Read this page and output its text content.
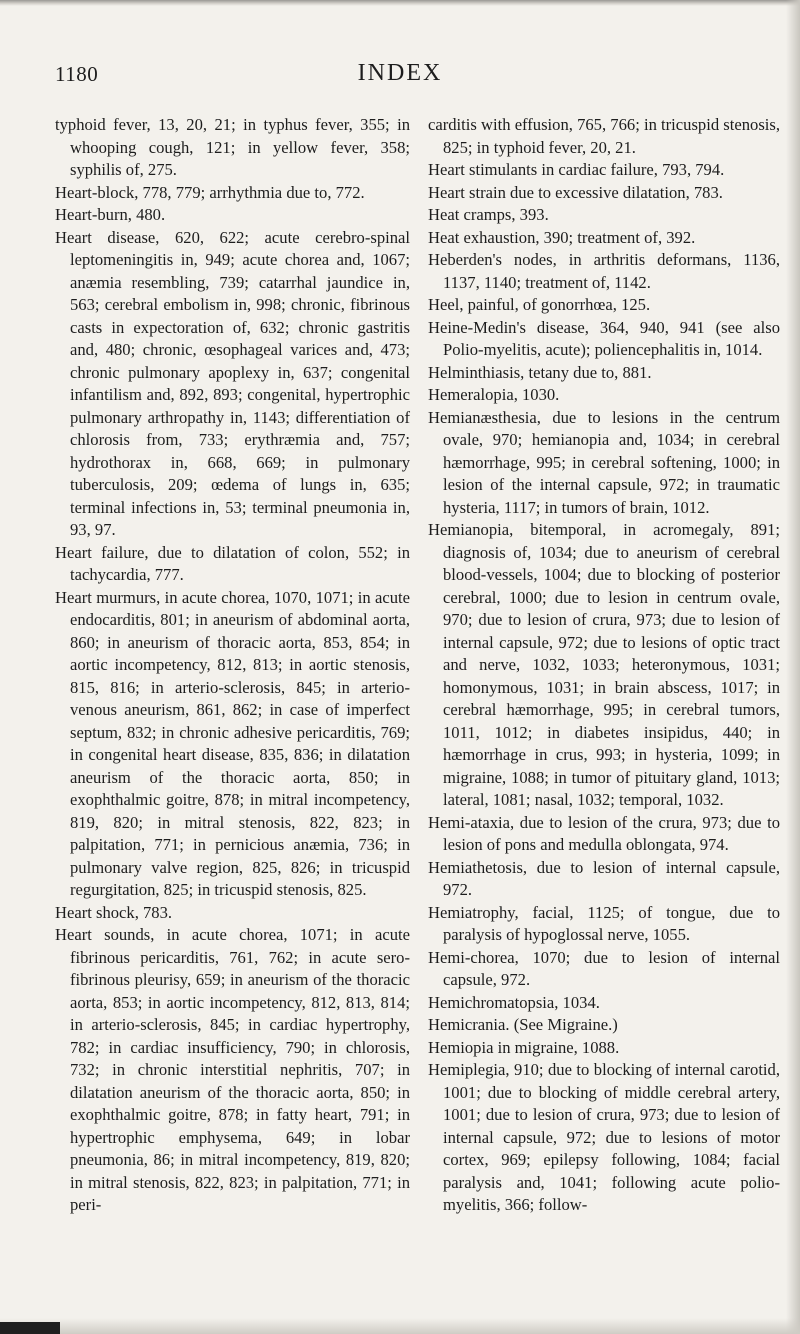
1180	INDEX

typhoid fever, 13, 20, 21; in typhus fever, 355; in whooping cough, 121; in yellow fever, 358; syphilis of, 275.

Heart-block, 778, 779; arrhythmia due to, 772.

Heart-burn, 480.

Heart disease, 620, 622; acute cerebro-spinal leptomeningitis in, 949; acute chorea and, 1067; anæmia resembling, 739; catarrhal jaundice in, 563; cerebral embolism in, 998; chronic, fibrinous casts in expectoration of, 632; chronic gastritis and, 480; chronic, œsophageal varices and, 473; chronic pulmonary apoplexy in, 637; congenital infantilism and, 892, 893; congenital, hypertrophic pulmonary arthropathy in, 1143; differentiation of chlorosis from, 733; erythræmia and, 757; hydrothorax in, 668, 669; in pulmonary tuberculosis, 209; œdema of lungs in, 635; terminal infections in, 53; terminal pneumonia in, 93, 97.

Heart failure, due to dilatation of colon, 552; in tachycardia, 777.

Heart murmurs, in acute chorea, 1070, 1071; in acute endocarditis, 801; in aneurism of abdominal aorta, 860; in aneurism of thoracic aorta, 853, 854; in aortic incompetency, 812, 813; in aortic stenosis, 815, 816; in arterio-sclerosis, 845; in arterio-venous aneurism, 861, 862; in case of imperfect septum, 832; in chronic adhesive pericarditis, 769; in congenital heart disease, 835, 836; in dilatation aneurism of the thoracic aorta, 850; in exophthalmic goitre, 878; in mitral incompetency, 819, 820; in mitral stenosis, 822, 823; in palpitation, 771; in pernicious anæmia, 736; in pulmonary valve region, 825, 826; in tricuspid regurgitation, 825; in tricuspid stenosis, 825.

Heart shock, 783.

Heart sounds, in acute chorea, 1071; in acute fibrinous pericarditis, 761, 762; in acute sero-fibrinous pleurisy, 659; in aneurism of the thoracic aorta, 853; in aortic incompetency, 812, 813, 814; in arterio-sclerosis, 845; in cardiac hypertrophy, 782; in cardiac insufficiency, 790; in chlorosis, 732; in chronic interstitial nephritis, 707; in dilatation aneurism of the thoracic aorta, 850; in exophthalmic goitre, 878; in fatty heart, 791; in hypertrophic emphysema, 649; in lobar pneumonia, 86; in mitral incompetency, 819, 820; in mitral stenosis, 822, 823; in palpitation, 771; in peri-

carditis with effusion, 765, 766; in tricuspid stenosis, 825; in typhoid fever, 20, 21.

Heart stimulants in cardiac failure, 793, 794.

Heart strain due to excessive dilatation, 783.

Heat cramps, 393.

Heat exhaustion, 390; treatment of, 392.

Heberden's nodes, in arthritis deformans, 1136, 1137, 1140; treatment of, 1142.

Heel, painful, of gonorrhœa, 125.

Heine-Medin's disease, 364, 940, 941 (see also Polio-myelitis, acute); poliencephalitis in, 1014.

Helminthiasis, tetany due to, 881.

Hemeralopia, 1030.

Hemianæsthesia, due to lesions in the centrum ovale, 970; hemianopia and, 1034; in cerebral hæmorrhage, 995; in cerebral softening, 1000; in lesion of the internal capsule, 972; in traumatic hysteria, 1117; in tumors of brain, 1012.

Hemianopia, bitemporal, in acromegaly, 891; diagnosis of, 1034; due to aneurism of cerebral blood-vessels, 1004; due to blocking of posterior cerebral, 1000; due to lesion in centrum ovale, 970; due to lesion of crura, 973; due to lesion of internal capsule, 972; due to lesions of optic tract and nerve, 1032, 1033; heteronymous, 1031; homonymous, 1031; in brain abscess, 1017; in cerebral hæmorrhage, 995; in cerebral tumors, 1011, 1012; in diabetes insipidus, 440; in hæmorrhage in crus, 993; in hysteria, 1099; in migraine, 1088; in tumor of pituitary gland, 1013; lateral, 1081; nasal, 1032; temporal, 1032.

Hemi-ataxia, due to lesion of the crura, 973; due to lesion of pons and medulla oblongata, 974.

Hemiathetosis, due to lesion of internal capsule, 972.

Hemiatrophy, facial, 1125; of tongue, due to paralysis of hypoglossal nerve, 1055.

Hemi-chorea, 1070; due to lesion of internal capsule, 972.

Hemichromatopsia, 1034.

Hemicrania. (See Migraine.)

Hemiopia in migraine, 1088.

Hemiplegia, 910; due to blocking of internal carotid, 1001; due to blocking of middle cerebral artery, 1001; due to lesion of crura, 973; due to lesion of internal capsule, 972; due to lesions of motor cortex, 969; epilepsy following, 1084; facial paralysis and, 1041; following acute polio-myelitis, 366; follow-
